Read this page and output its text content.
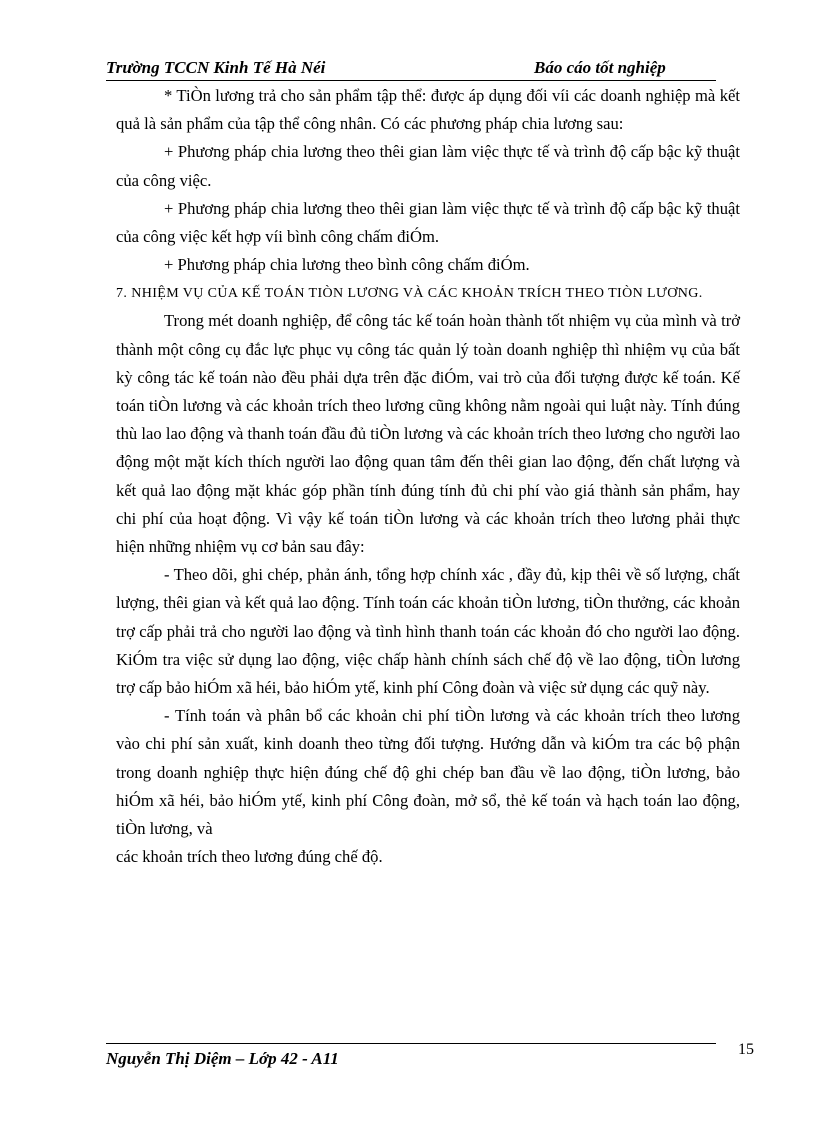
Trường TCCN Kinh Tế Hà Néi	Báo cáo tốt nghiệp

* TiÒn lương trả cho sản phẩm tập thể: được áp dụng đối víi các doanh nghiệp mà kết quả là sản phẩm của tập thể công nhân. Có các phương pháp chia lương sau:

+ Phương pháp chia lương theo thêi gian làm việc thực tế và trình độ cấp bậc kỹ thuật của công việc.

+ Phương pháp chia lương theo thêi gian làm việc thực tế và trình độ cấp bậc kỹ thuật của công việc kết hợp víi bình công chấm điÓm.

+ Phương pháp chia lương theo bình công chấm điÓm.

7. NHIỆM VỤ CỦA KẾ TOÁN TIÒN LƯƠNG VÀ CÁC KHOẢN TRÍCH THEO TIÒN LƯƠNG.

Trong mét doanh nghiệp, để công tác kế toán hoàn thành tốt nhiệm vụ của mình và trở thành một công cụ đắc lực phục vụ công tác quản lý toàn doanh nghiệp thì nhiệm vụ của bất kỳ công tác kế toán nào đều phải dựa trên đặc điÓm, vai trò của đối tượng được kế toán. Kế toán tiÒn lương và các khoản trích theo lương cũng không nằm ngoài qui luật này. Tính đúng thù lao lao động và thanh toán đầu đủ tiÒn lương và các khoản trích theo lương cho người lao động một mặt kích thích người lao động quan tâm đến thêi gian lao động, đến chất lượng và kết quả lao động mặt khác góp phần tính đúng tính đủ chi phí vào giá thành sản phẩm, hay chi phí của hoạt động. Vì vậy kế toán tiÒn lương và các khoản trích theo lương phải thực hiện những nhiệm vụ cơ bản sau đây:

- Theo dõi, ghi chép, phản ánh, tổng hợp chính xác , đầy đủ, kịp thêi về số lượng, chất lượng, thêi gian và kết quả lao động. Tính toán các khoản tiÒn lương, tiÒn thưởng, các khoản trợ cấp phải trả cho người lao động và tình hình thanh toán các khoản đó cho người lao động. KiÓm tra việc sử dụng lao động, việc chấp hành chính sách chế độ về lao động, tiÒn lương trợ cấp bảo hiÓm xã héi, bảo hiÓm ytế, kinh phí Công đoàn và việc sử dụng các quỹ này.

- Tính toán và phân bổ các khoản chi phí tiÒn lương và các khoản trích theo lương vào chi phí sản xuất, kinh doanh theo từng đối tượng. Hướng dẫn và kiÓm tra các bộ phận trong doanh nghiệp thực hiện đúng chế độ ghi chép ban đầu về lao động, tiÒn lương, bảo hiÓm xã héi, bảo hiÓm ytế, kinh phí Công đoàn, mở sổ, thẻ kế toán và hạch toán lao động, tiÒn lương, và

các khoản trích theo lương đúng chế độ.

Nguyễn Thị Diệm – Lớp 42 - A11	15
